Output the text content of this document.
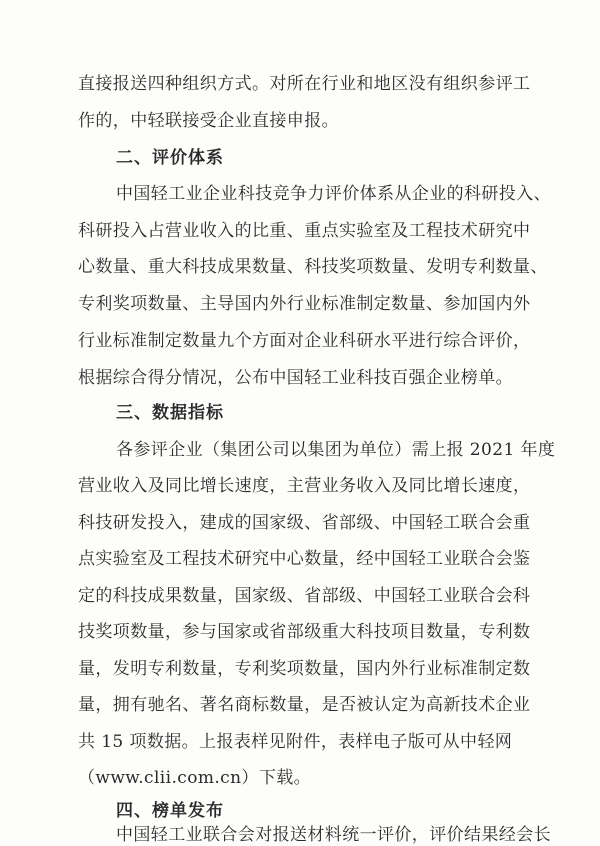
直接报送四种组织方式。对所在行业和地区没有组织参评工
作的，中轻联接受企业直接申报。
二、评价体系
中国轻工业企业科技竞争力评价体系从企业的科研投入、
科研投入占营业收入的比重、重点实验室及工程技术研究中
心数量、重大科技成果数量、科技奖项数量、发明专利数量、
专利奖项数量、主导国内外行业标准制定数量、参加国内外
行业标准制定数量九个方面对企业科研水平进行综合评价，
根据综合得分情况，公布中国轻工业科技百强企业榜单。
三、数据指标
各参评企业（集团公司以集团为单位）需上报 2021 年度
营业收入及同比增长速度，主营业务收入及同比增长速度，
科技研发投入，建成的国家级、省部级、中国轻工联合会重
点实验室及工程技术研究中心数量，经中国轻工业联合会鉴
定的科技成果数量，国家级、省部级、中国轻工业联合会科
技奖项数量，参与国家或省部级重大科技项目数量，专利数
量，发明专利数量，专利奖项数量，国内外行业标准制定数
量，拥有驰名、著名商标数量，是否被认定为高新技术企业
共 15 项数据。上报表样见附件，表样电子版可从中轻网
（www.clii.com.cn）下载。
四、榜单发布
中国轻工业联合会对报送材料统一评价，评价结果经会长
